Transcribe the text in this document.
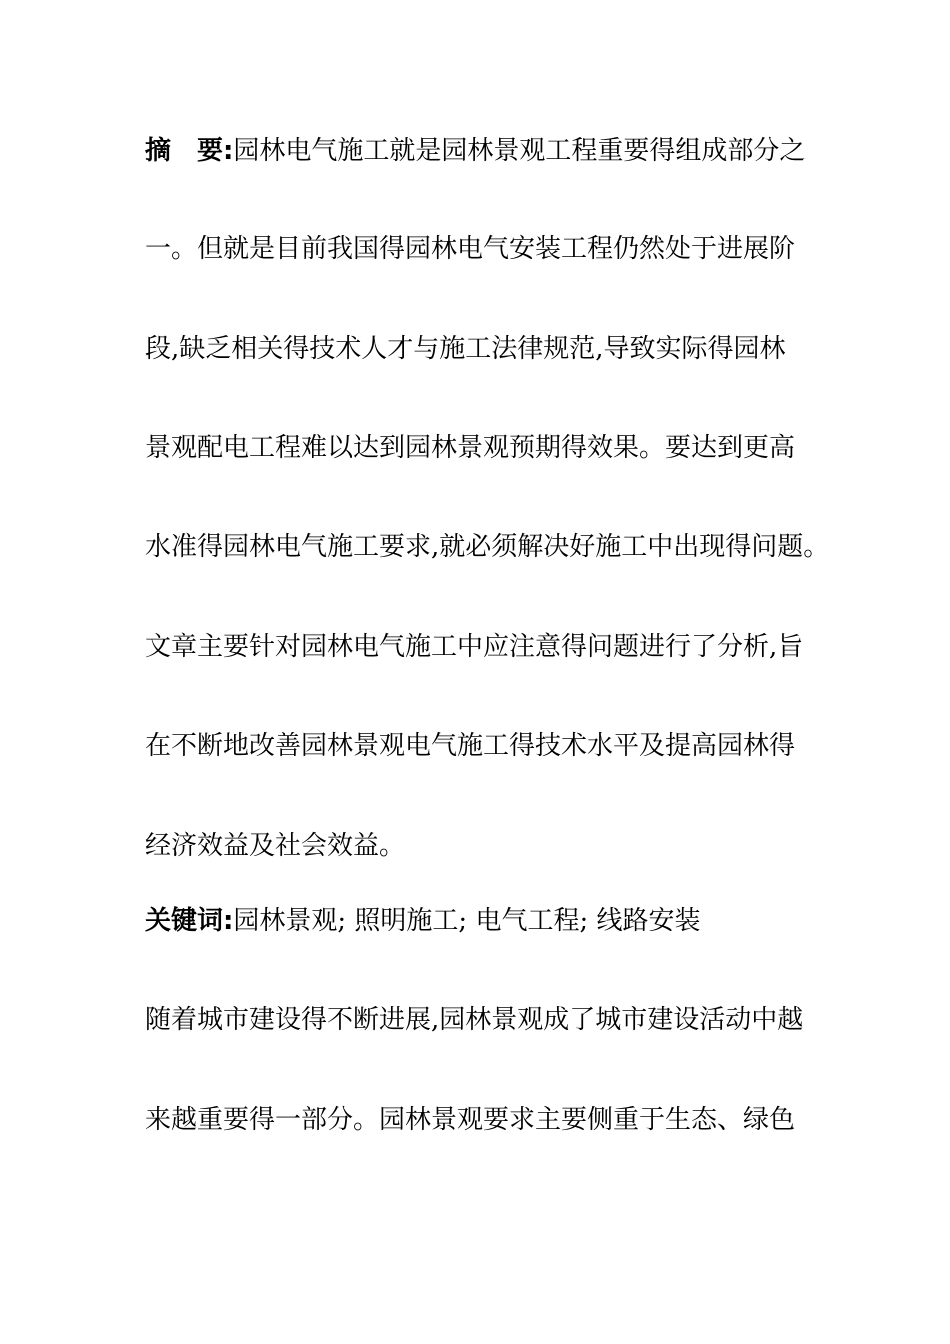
摘　要:园林电气施工就是园林景观工程重要得组成部分之
一。但就是目前我国得园林电气安装工程仍然处于进展阶
段,缺乏相关得技术人才与施工法律规范,导致实际得园林
景观配电工程难以达到园林景观预期得效果。要达到更高
水准得园林电气施工要求,就必须解决好施工中出现得问题。
文章主要针对园林电气施工中应注意得问题进行了分析,旨
在不断地改善园林景观电气施工得技术水平及提高园林得
经济效益及社会效益。
关键词:园林景观; 照明施工; 电气工程; 线路安装
随着城市建设得不断进展,园林景观成了城市建设活动中越
来越重要得一部分。园林景观要求主要侧重于生态、绿色
